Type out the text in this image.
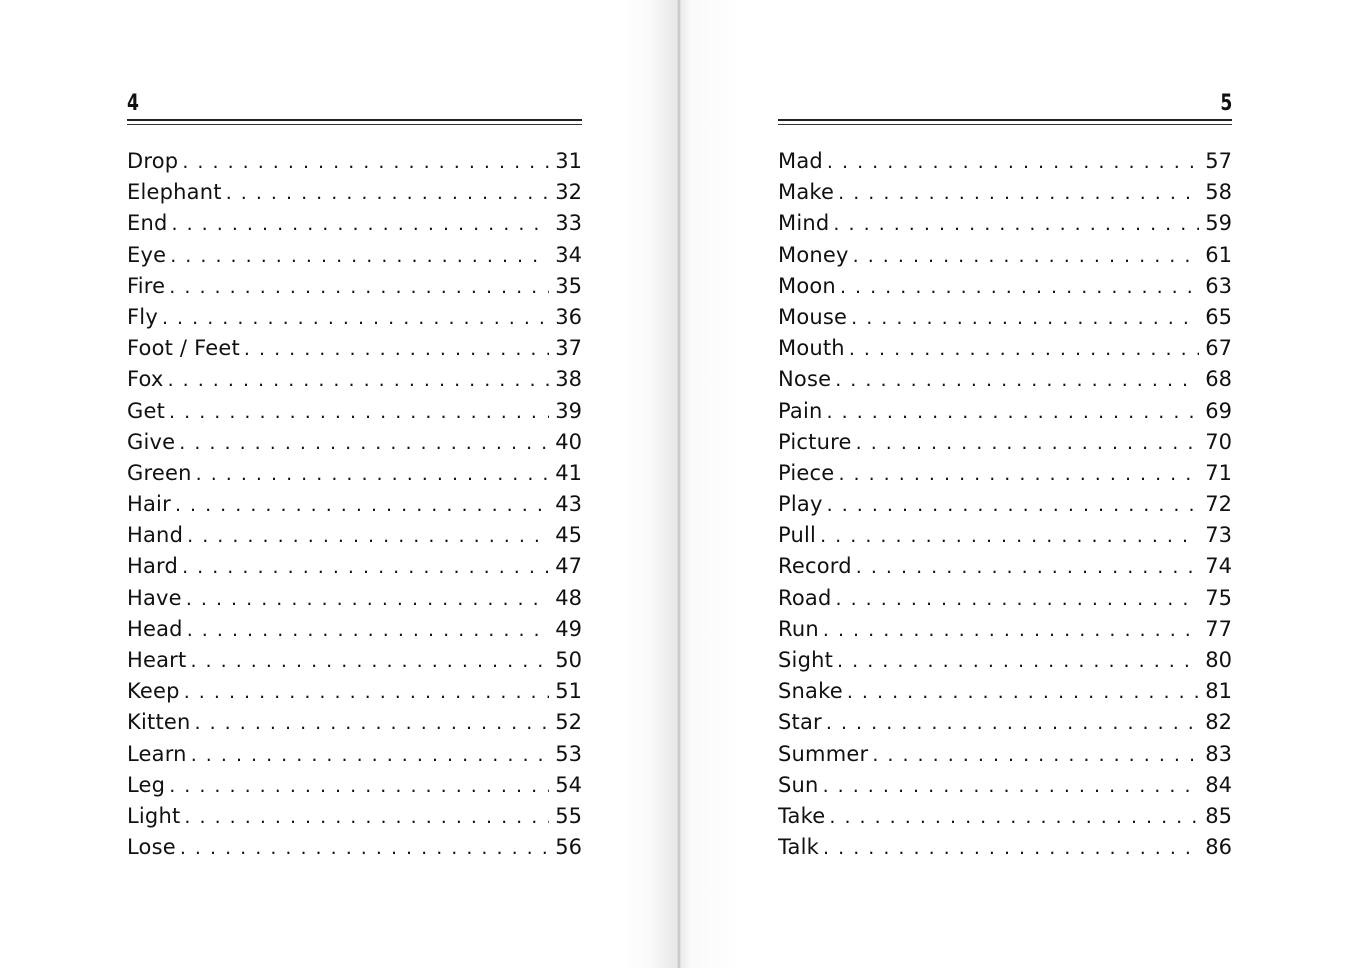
4
Drop . . .	31
Elephant . . .	32
End . . .	33
Eye . . .	34
Fire . . .	35
Fly . . .	36
Foot / Feet . . .	37
Fox . . .	38
Get . . .	39
Give . . .	40
Green . . .	41
Hair . . .	43
Hand . . .	45
Hard . . .	47
Have . . .	48
Head . . .	49
Heart . . .	50
Keep . . .	51
Kitten . . .	52
Learn . . .	53
Leg . . .	54
Light . . .	55
Lose . . .	56
5
Mad . . .	57
Make . . .	58
Mind . . .	59
Money . . .	61
Moon . . .	63
Mouse . . .	65
Mouth . . .	67
Nose . . .	68
Pain . . .	69
Picture . . .	70
Piece . . .	71
Play . . .	72
Pull . . .	73
Record . . .	74
Road . . .	75
Run . . .	77
Sight . . .	80
Snake . . .	81
Star . . .	82
Summer . . .	83
Sun . . .	84
Take . . .	85
Talk . . .	86
